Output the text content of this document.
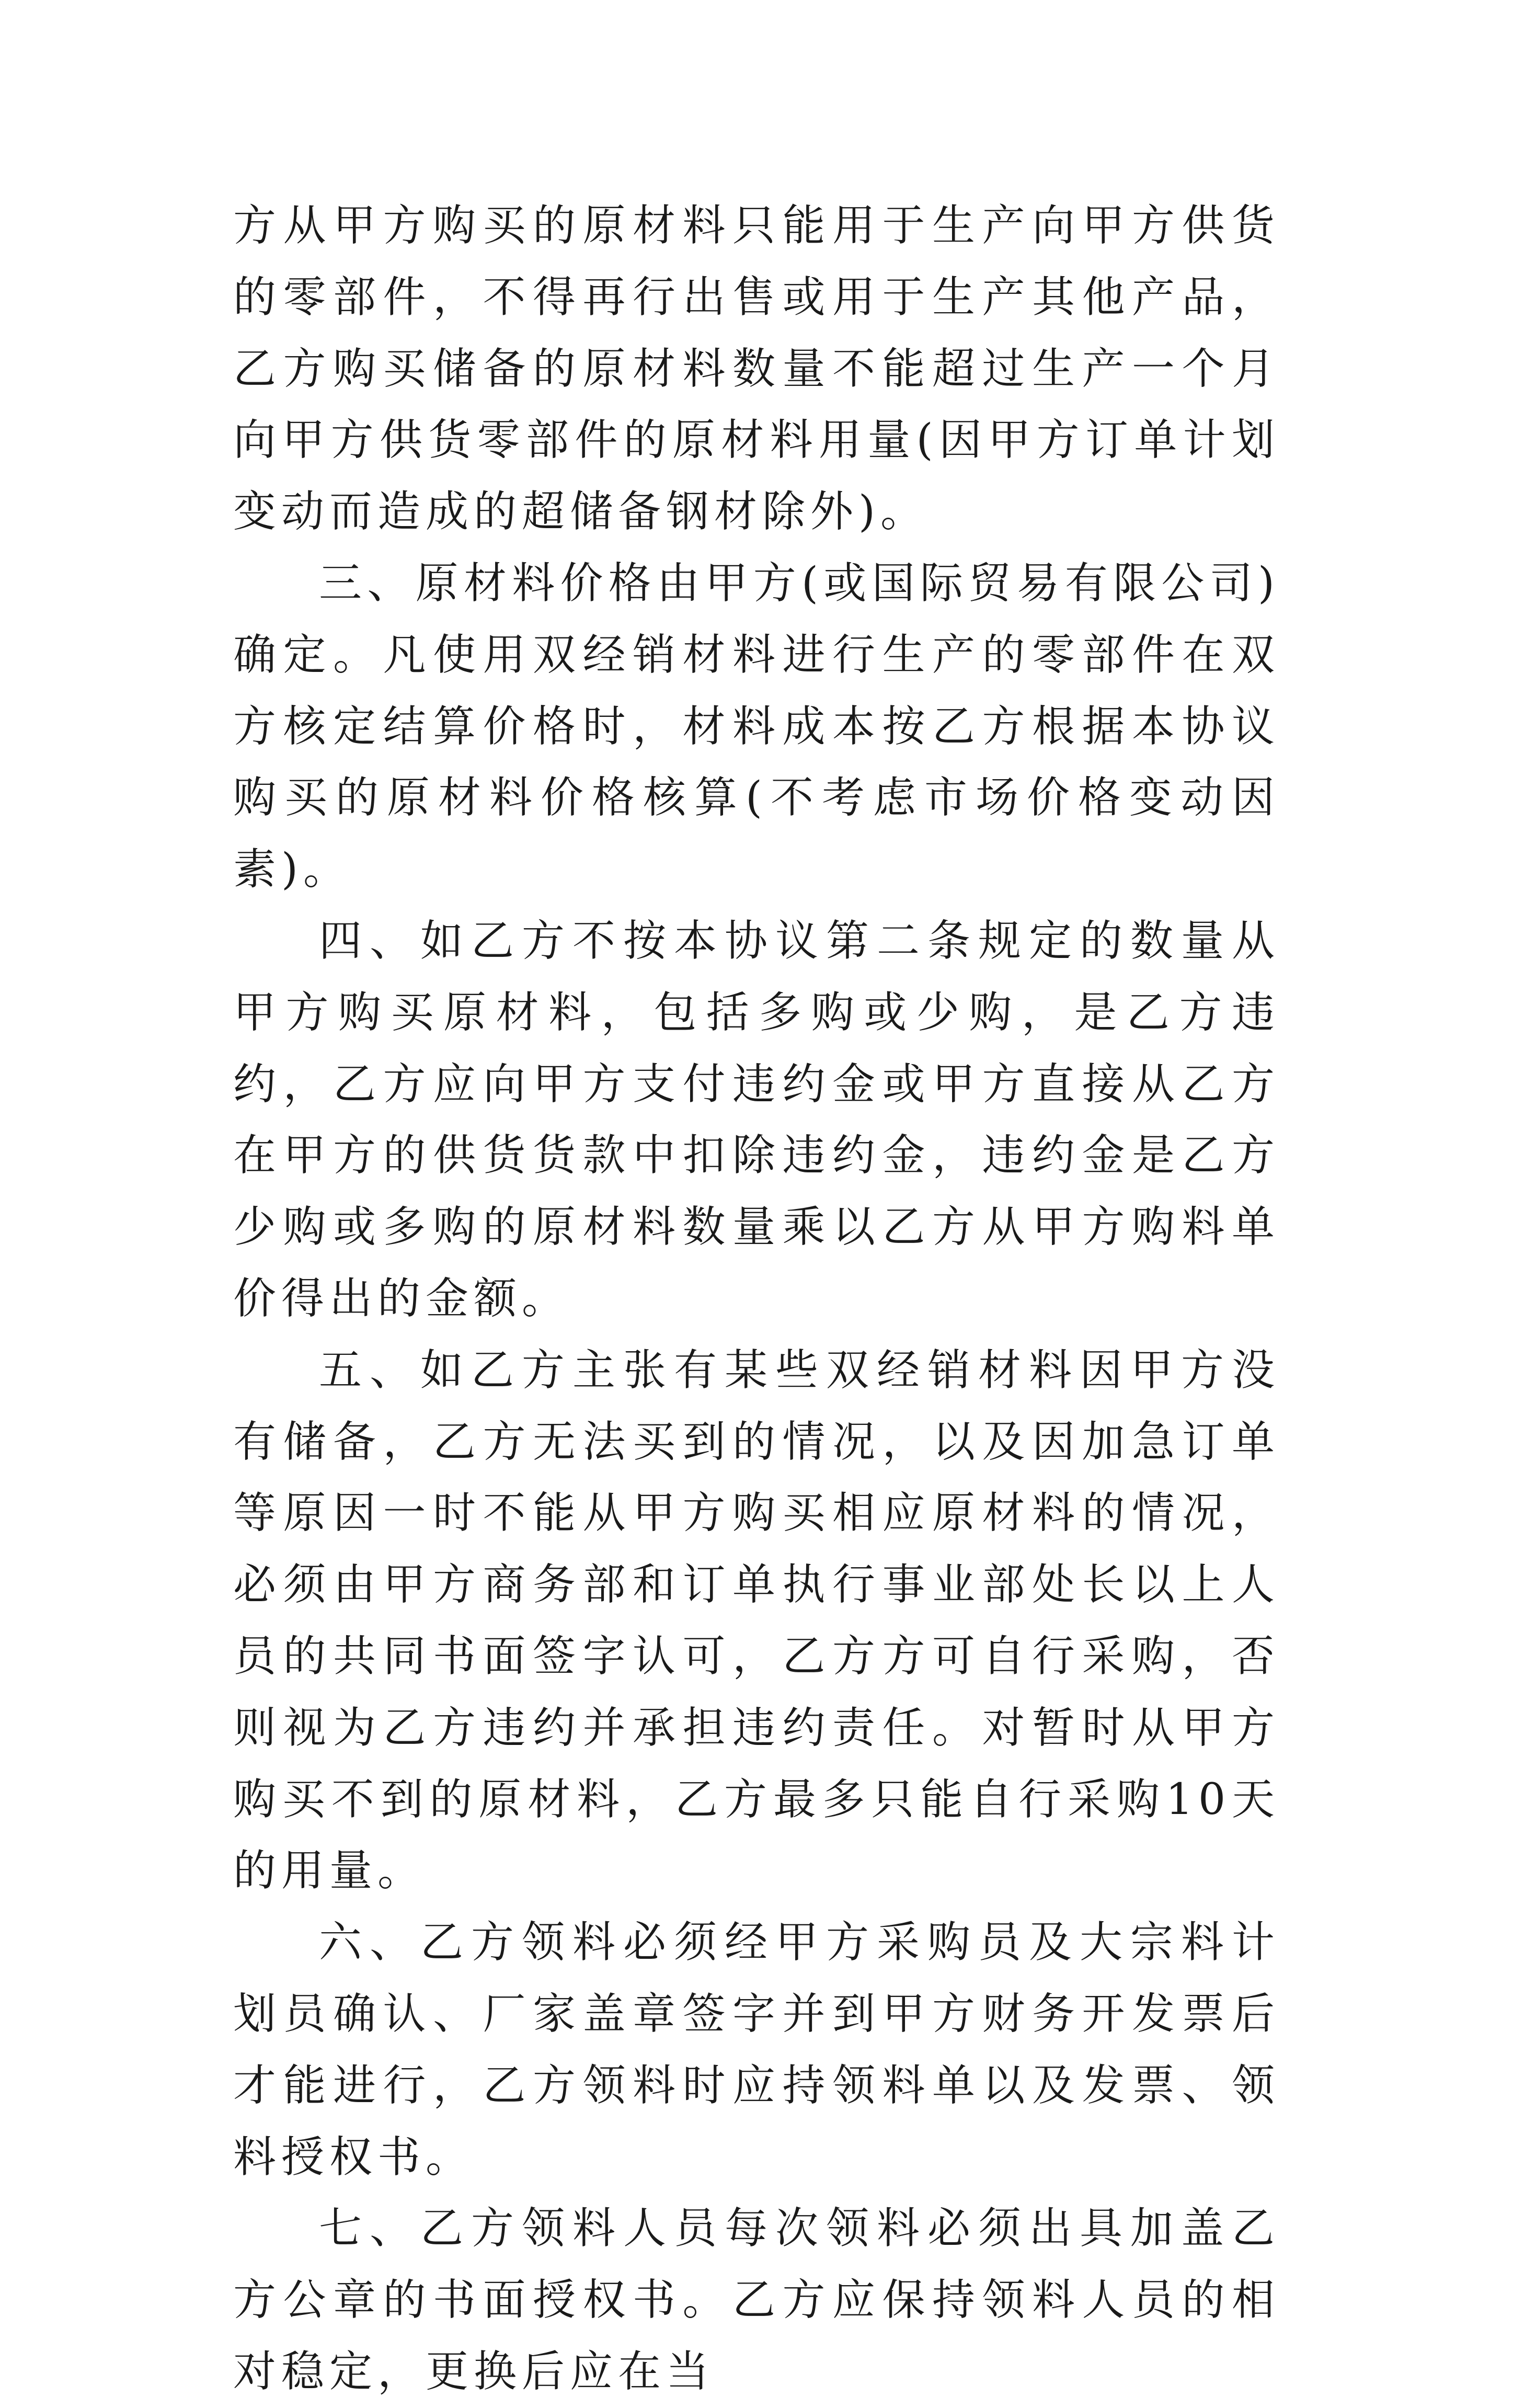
方从甲方购买的原材料只能用于生产向甲方供货的零部件，不得再行出售或用于生产其他产品，乙方购买储备的原材料数量不能超过生产一个月向甲方供货零部件的原材料用量(因甲方订单计划变动而造成的超储备钢材除外)。

三、原材料价格由甲方(或国际贸易有限公司)确定。凡使用双经销材料进行生产的零部件在双方核定结算价格时，材料成本按乙方根据本协议购买的原材料价格核算(不考虑市场价格变动因素)。

四、如乙方不按本协议第二条规定的数量从甲方购买原材料，包括多购或少购，是乙方违约，乙方应向甲方支付违约金或甲方直接从乙方在甲方的供货货款中扣除违约金，违约金是乙方少购或多购的原材料数量乘以乙方从甲方购料单价得出的金额。

五、如乙方主张有某些双经销材料因甲方没有储备，乙方无法买到的情况，以及因加急订单等原因一时不能从甲方购买相应原材料的情况，必须由甲方商务部和订单执行事业部处长以上人员的共同书面签字认可，乙方方可自行采购，否则视为乙方违约并承担违约责任。对暂时从甲方购买不到的原材料，乙方最多只能自行采购10天的用量。

六、乙方领料必须经甲方采购员及大宗料计划员确认、厂家盖章签字并到甲方财务开发票后才能进行，乙方领料时应持领料单以及发票、领料授权书。

七、乙方领料人员每次领料必须出具加盖乙方公章的书面授权书。乙方应保持领料人员的相对稳定，更换后应在当
